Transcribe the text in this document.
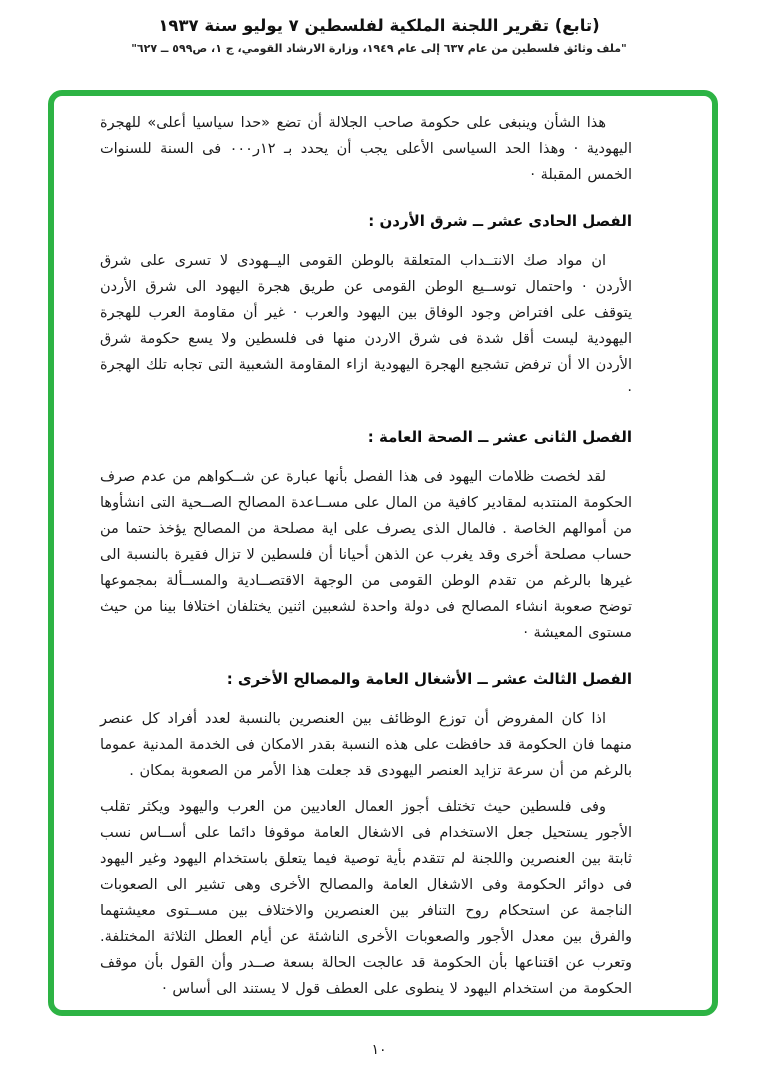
(تابع) تقرير اللجنة الملكية لفلسطين ٧ يوليو سنة ١٩٣٧
"ملف وثائق فلسطين من عام ٦٣٧ إلى عام ١٩٤٩، وزارة الارشاد القومي، ج ١، ص٥٩٩ ــ ٦٢٧"

هذا الشأن وينبغى على حكومة صاحب الجلالة أن تضع «حدا سياسيا أعلى» للهجرة اليهودية · وهذا الحد السياسى الأعلى يجب أن يحدد بـ ١٢ر٠٠٠ فى السنة للسنوات الخمس المقبلة ·

الفصل الحادى عشر ــ شرق الأردن :

ان مواد صك الانتــداب المتعلقة بالوطن القومى اليــهودى لا تسرى على شرق الأردن · واحتمال توســيع الوطن القومى عن طريق هجرة اليهود الى شرق الأردن يتوقف على افتراض وجود الوفاق بين اليهود والعرب · غير أن مقاومة العرب للهجرة اليهودية ليست أقل شدة فى شرق الاردن منها فى فلسطين ولا يسع حكومة شرق الأردن الا أن ترفض تشجيع الهجرة اليهودية ازاء المقاومة الشعبية التى تجابه تلك الهجرة ·

الفصل الثانى عشر ــ الصحة العامة :

لقد لخصت ظلامات اليهود فى هذا الفصل بأنها عبارة عن شــكواهم من عدم صرف الحكومة المنتدبه لمقادير كافية من المال على مســاعدة المصالح الصــحية التى انشأوها من أموالهم الخاصة . فالمال الذى يصرف على اية مصلحة من المصالح يؤخذ حتما من حساب مصلحة أخرى وقد يغرب عن الذهن أحيانا أن فلسطين لا تزال فقيرة بالنسبة الى غيرها بالرغم من تقدم الوطن القومى من الوجهة الاقتصــادية والمســألة بمجموعها توضح صعوبة انشاء المصالح فى دولة واحدة لشعبين اثنين يختلفان اختلافا بينا من حيث مستوى المعيشة ·

الفصل الثالث عشر ــ الأشغال العامة والمصالح الأخرى :

اذا كان المفروض أن توزع الوظائف بين العنصرين بالنسبة لعدد أفراد كل عنصر منهما فان الحكومة قد حافظت على هذه النسبة بقدر الامكان فى الخدمة المدنية عموما بالرغم من أن سرعة تزايد العنصر اليهودى قد جعلت هذا الأمر من الصعوبة بمكان .

وفى فلسطين حيث تختلف أجوز العمال العاديين من العرب واليهود ويكثر تقلب الأجور يستحيل جعل الاستخدام فى الاشغال العامة موقوفا دائما على أســاس نسب ثابتة بين العنصرين واللجنة لم تتقدم بأية توصية فيما يتعلق باستخدام اليهود وغير اليهود فى دوائر الحكومة وفى الاشغال العامة والمصالح الأخرى وهى تشير الى الصعوبات الناجمة عن استحكام روح التنافر بين العنصرين والاختلاف بين مســتوى معيشتهما والفرق بين معدل الأجور والصعوبات الأخرى الناشئة عن أيام العطل الثلاثة المختلفة. وتعرب عن اقتناعها بأن الحكومة قد عالجت الحالة بسعة صــدر وأن القول بأن موقف الحكومة من استخدام اليهود لا ينطوى على العطف قول لا يستند الى أساس ·

١٠
